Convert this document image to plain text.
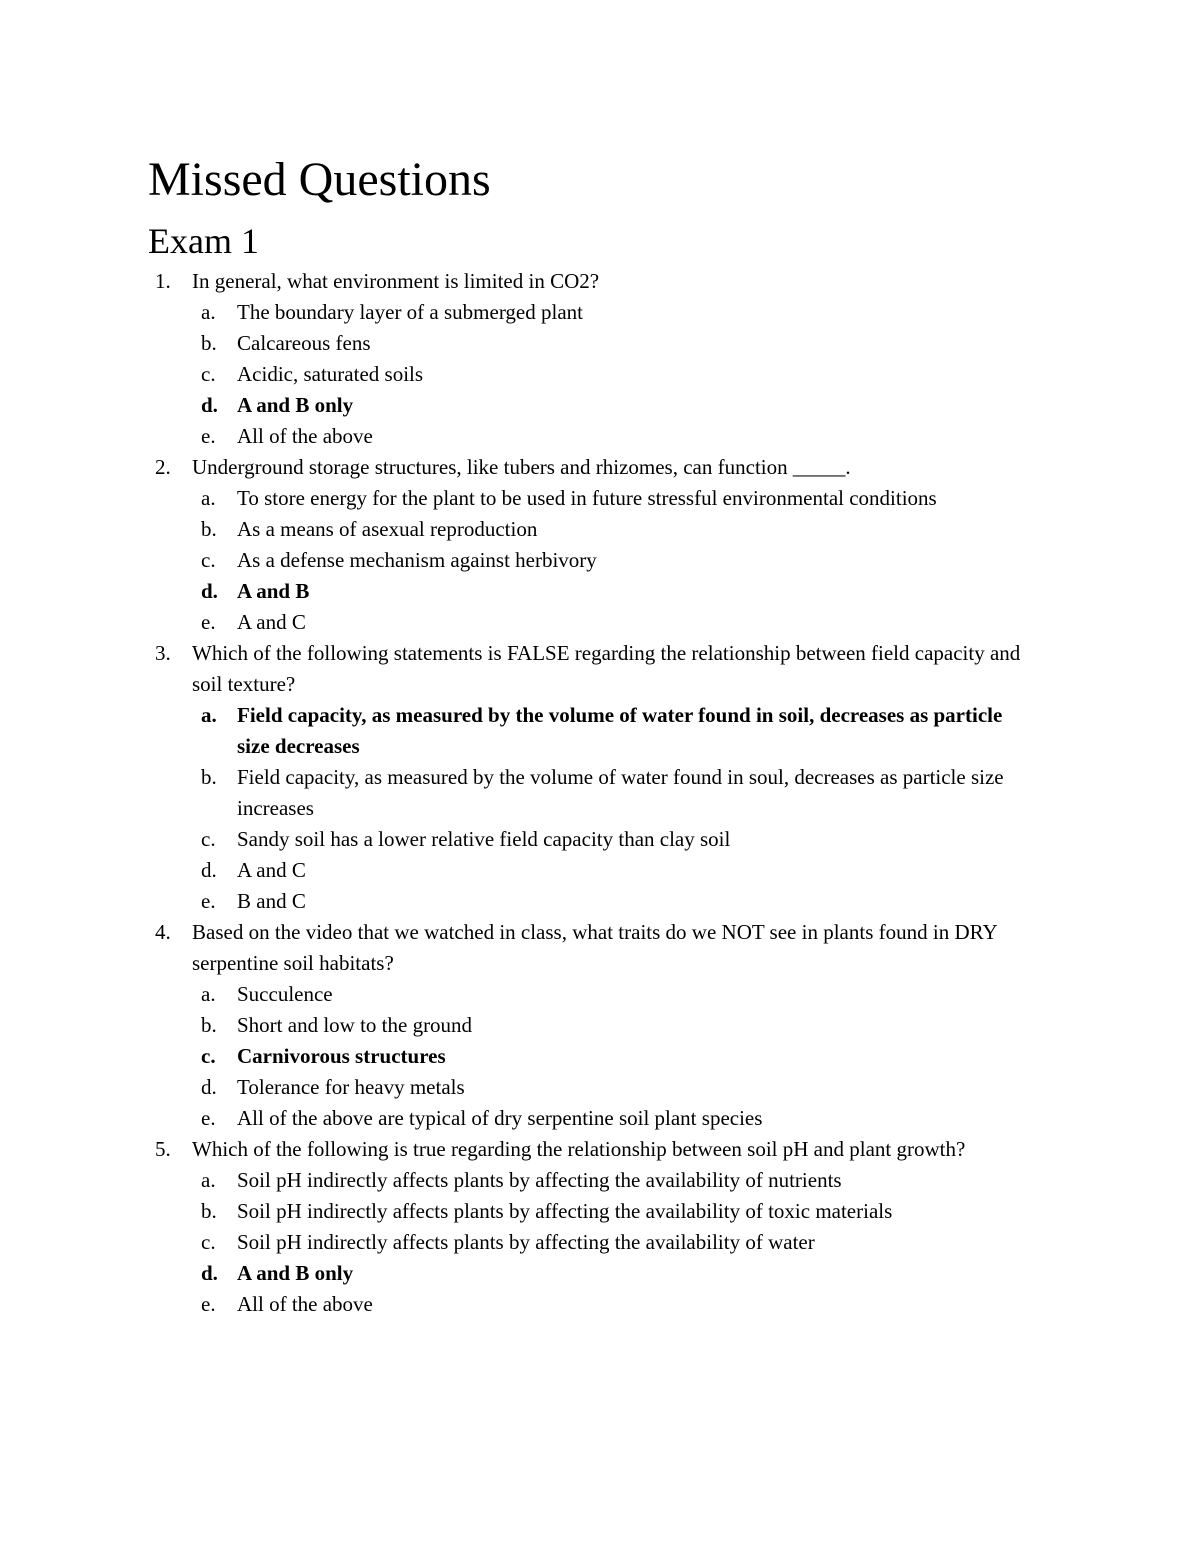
Missed Questions
Exam 1
1.	In general, what environment is limited in CO2?
a.	The boundary layer of a submerged plant
b. Calcareous fens
c.	Acidic, saturated soils
d. A and B only
e.	All of the above
2.	Underground storage structures, like tubers and rhizomes, can function _____.
a.	To store energy for the plant to be used in future stressful environmental conditions
b. As a means of asexual reproduction
c.	As a defense mechanism against herbivory
d. A and B
e.	A and C
3.	Which of the following statements is FALSE regarding the relationship between field capacity and soil texture?
a. Field capacity, as measured by the volume of water found in soil, decreases as particle size decreases
b. Field capacity, as measured by the volume of water found in soul, decreases as particle size increases
c.	Sandy soil has a lower relative field capacity than clay soil
d. A and C
e.	B and C
4.	Based on the video that we watched in class, what traits do we NOT see in plants found in DRY serpentine soil habitats?
a.	Succulence
b. Short and low to the ground
c.	Carnivorous structures
d. Tolerance for heavy metals
e.	All of the above are typical of dry serpentine soil plant species
5.	Which of the following is true regarding the relationship between soil pH and plant growth?
a.	Soil pH indirectly affects plants by affecting the availability of nutrients
b. Soil pH indirectly affects plants by affecting the availability of toxic materials
c.	Soil pH indirectly affects plants by affecting the availability of water
d. A and B only
e.	All of the above
